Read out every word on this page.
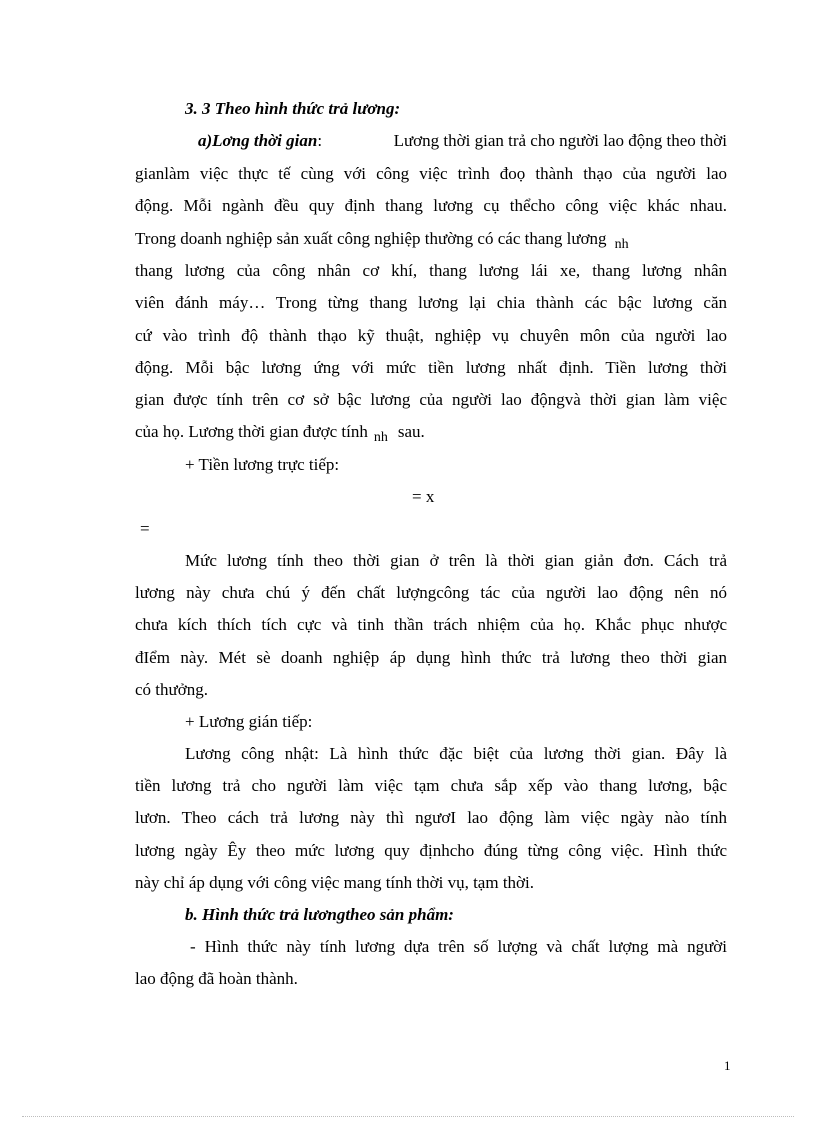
3. 3 Theo hình thức trả lương:
a)Lơng thời gian:	Lương thời gian trả cho người lao động theo thời
gianlàm việc thực tế cùng với công việc trình đoọ thành thạo của người lao
động. Mỗi ngành đều quy định thang lương cụ thểcho công việc khác nhau.
Trong doanh nghiệp sản xuất công nghiệp thường có các thang lương $_{nh}$
thang lương của công nhân cơ khí, thang lương lái xe, thang lương nhân
viên đánh máy… Trong từng thang lương lại chia thành các bậc lương căn
cứ vào trình độ thành thạo kỹ thuật, nghiệp vụ chuyên môn của người lao
động. Mỗi bậc lương ứng với mức tiền lương nhất định. Tiền lương thời
gian được tính trên cơ sở bậc lương của người lao độngvà thời gian làm việc
của họ. Lương thời gian được tính $_{nh}$ sau.
+ Tiền lương trực tiếp:
= x
=
Mức lương tính theo thời gian ở trên là thời gian giản đơn. Cách trả
lương này chưa chú ý đến chất lượngcông tác của người lao động nên nó
chưa kích thích tích cực và tinh thần trách nhiệm của họ. Khắc phục nhược
đIểm này. Mét sè doanh nghiệp áp dụng hình thức trả lương theo thời gian
có thưởng.
+ Lương gián tiếp:
Lương công nhật: Là hình thức đặc biệt của lương thời gian. Đây là
tiền lương trả cho người làm việc tạm chưa sắp xếp vào thang lương, bậc
lươn. Theo cách trả lương này thì ngươI lao động làm việc ngày nào tính
lương ngày Êy theo mức lương quy địnhcho đúng từng công việc. Hình thức
này chỉ áp dụng với công việc mang tính thời vụ, tạm thời.
b. Hình thức trả lươngtheo sản phẩm:
- Hình thức này tính lương dựa trên số lượng và chất lượng mà người
lao động đã hoàn thành.
1
